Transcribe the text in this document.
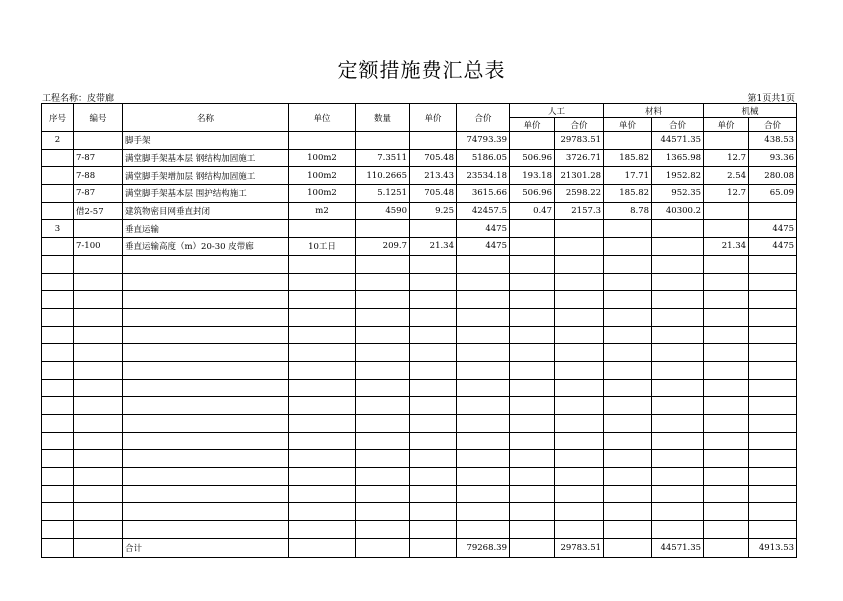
定额措施费汇总表
工程名称：皮带廊	第1页共1页
序号	编号	名称	单位	数量	单价	合价	人工		材料		机械	
							单价	合价	单价	合价	单价	合价
2		脚手架				74793.39		29783.51		44571.35		438.53
	7-87	满堂脚手架基本层 钢结构加固施工	100m2	7.3511	705.48	5186.05	506.96	3726.71	185.82	1365.98	12.7	93.36
	7-88	满堂脚手架增加层 钢结构加固施工	100m2	110.2665	213.43	23534.18	193.18	21301.28	17.71	1952.82	2.54	280.08
	7-87	满堂脚手架基本层 围护结构施工	100m2	5.1251	705.48	3615.66	506.96	2598.22	185.82	952.35	12.7	65.09
	借2-57	建筑物密目网垂直封闭	m2	4590	9.25	42457.5	0.47	2157.3	8.78	40300.2		
3		垂直运输				4475						4475
	7-100	垂直运输高度（m）20-30 皮带廊	10工日	209.7	21.34	4475					21.34	4475

		合计				79268.39		29783.51		44571.35		4913.53
